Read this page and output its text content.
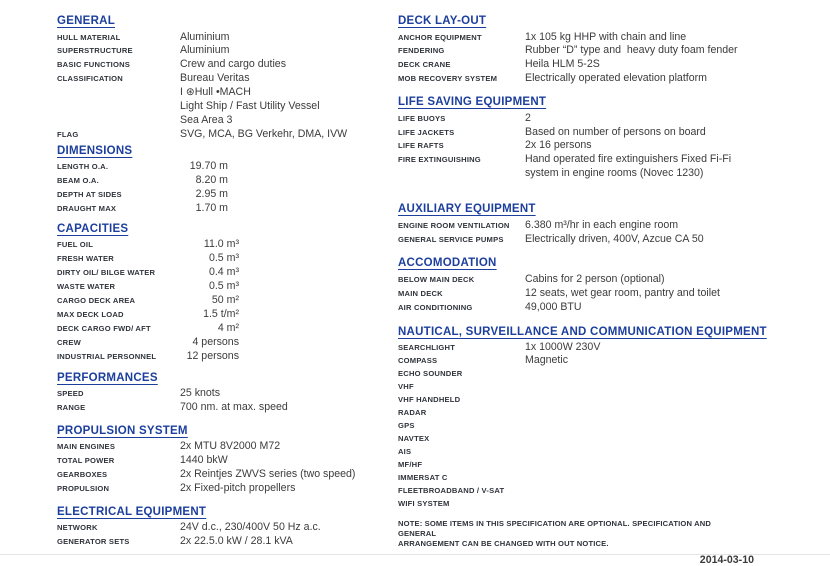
GENERAL
HULL MATERIAL	Aluminium
SUPERSTRUCTURE	Aluminium
BASIC FUNCTIONS	Crew and cargo duties
CLASSIFICATION	Bureau Veritas
I ⊛Hull •MACH
Light Ship / Fast Utility Vessel
Sea Area 3
FLAG	SVG, MCA, BG Verkehr, DMA, IVW
DIMENSIONS
LENGTH O.A.	19.70 m
BEAM O.A.	8.20 m
DEPTH AT SIDES	2.95 m
DRAUGHT MAX	1.70 m
CAPACITIES
FUEL OIL	11.0 m³
FRESH WATER	0.5 m³
DIRTY OIL/ BILGE WATER	0.4 m³
WASTE WATER	0.5 m³
CARGO DECK AREA	50 m²
MAX DECK LOAD	1.5 t/m²
DECK CARGO FWD/ AFT	4 m²
CREW	4 persons
INDUSTRIAL PERSONNEL	12 persons
PERFORMANCES
SPEED	25 knots
RANGE	700 nm. at max. speed
PROPULSION SYSTEM
MAIN ENGINES	2x MTU 8V2000 M72
TOTAL POWER	1440 bkW
GEARBOXES	2x Reintjes ZWVS series (two speed)
PROPULSION	2x Fixed-pitch propellers
ELECTRICAL EQUIPMENT
NETWORK	24V d.c., 230/400V 50 Hz a.c.
GENERATOR SETS	2x 22.5.0 kW / 28.1 kVA
DECK LAY-OUT
ANCHOR EQUIPMENT	1x 105 kg HHP with chain and line
FENDERING	Rubber “D” type and  heavy duty foam fender
DECK CRANE	Heila HLM 5-2S
MOB RECOVERY SYSTEM	Electrically operated elevation platform
LIFE SAVING EQUIPMENT
LIFE BUOYS	2
LIFE JACKETS	Based on number of persons on board
LIFE RAFTS	2x 16 persons
FIRE EXTINGUISHING	Hand operated fire extinguishers Fixed Fi-Fi
system in engine rooms (Novec 1230)
AUXILIARY EQUIPMENT
ENGINE ROOM VENTILATION	6.380 m³/hr in each engine room
GENERAL SERVICE PUMPS	Electrically driven, 400V, Azcue CA 50
ACCOMODATION
BELOW MAIN DECK	Cabins for 2 person (optional)
MAIN DECK	12 seats, wet gear room, pantry and toilet
AIR CONDITIONING	49,000 BTU
NAUTICAL, SURVEILLANCE AND COMMUNICATION EQUIPMENT
SEARCHLIGHT	1x 1000W 230V
COMPASS	Magnetic
ECHO SOUNDER
VHF
VHF HANDHELD
RADAR
GPS
NAVTEX
AIS
MF/HF
IMMERSAT C
FLEETBROADBAND / V-SAT
WIFI SYSTEM
NOTE: SOME ITEMS IN THIS SPECIFICATION ARE OPTIONAL. SPECIFICATION AND GENERAL
ARRANGEMENT CAN BE CHANGED WITH OUT NOTICE.
2014-03-10
